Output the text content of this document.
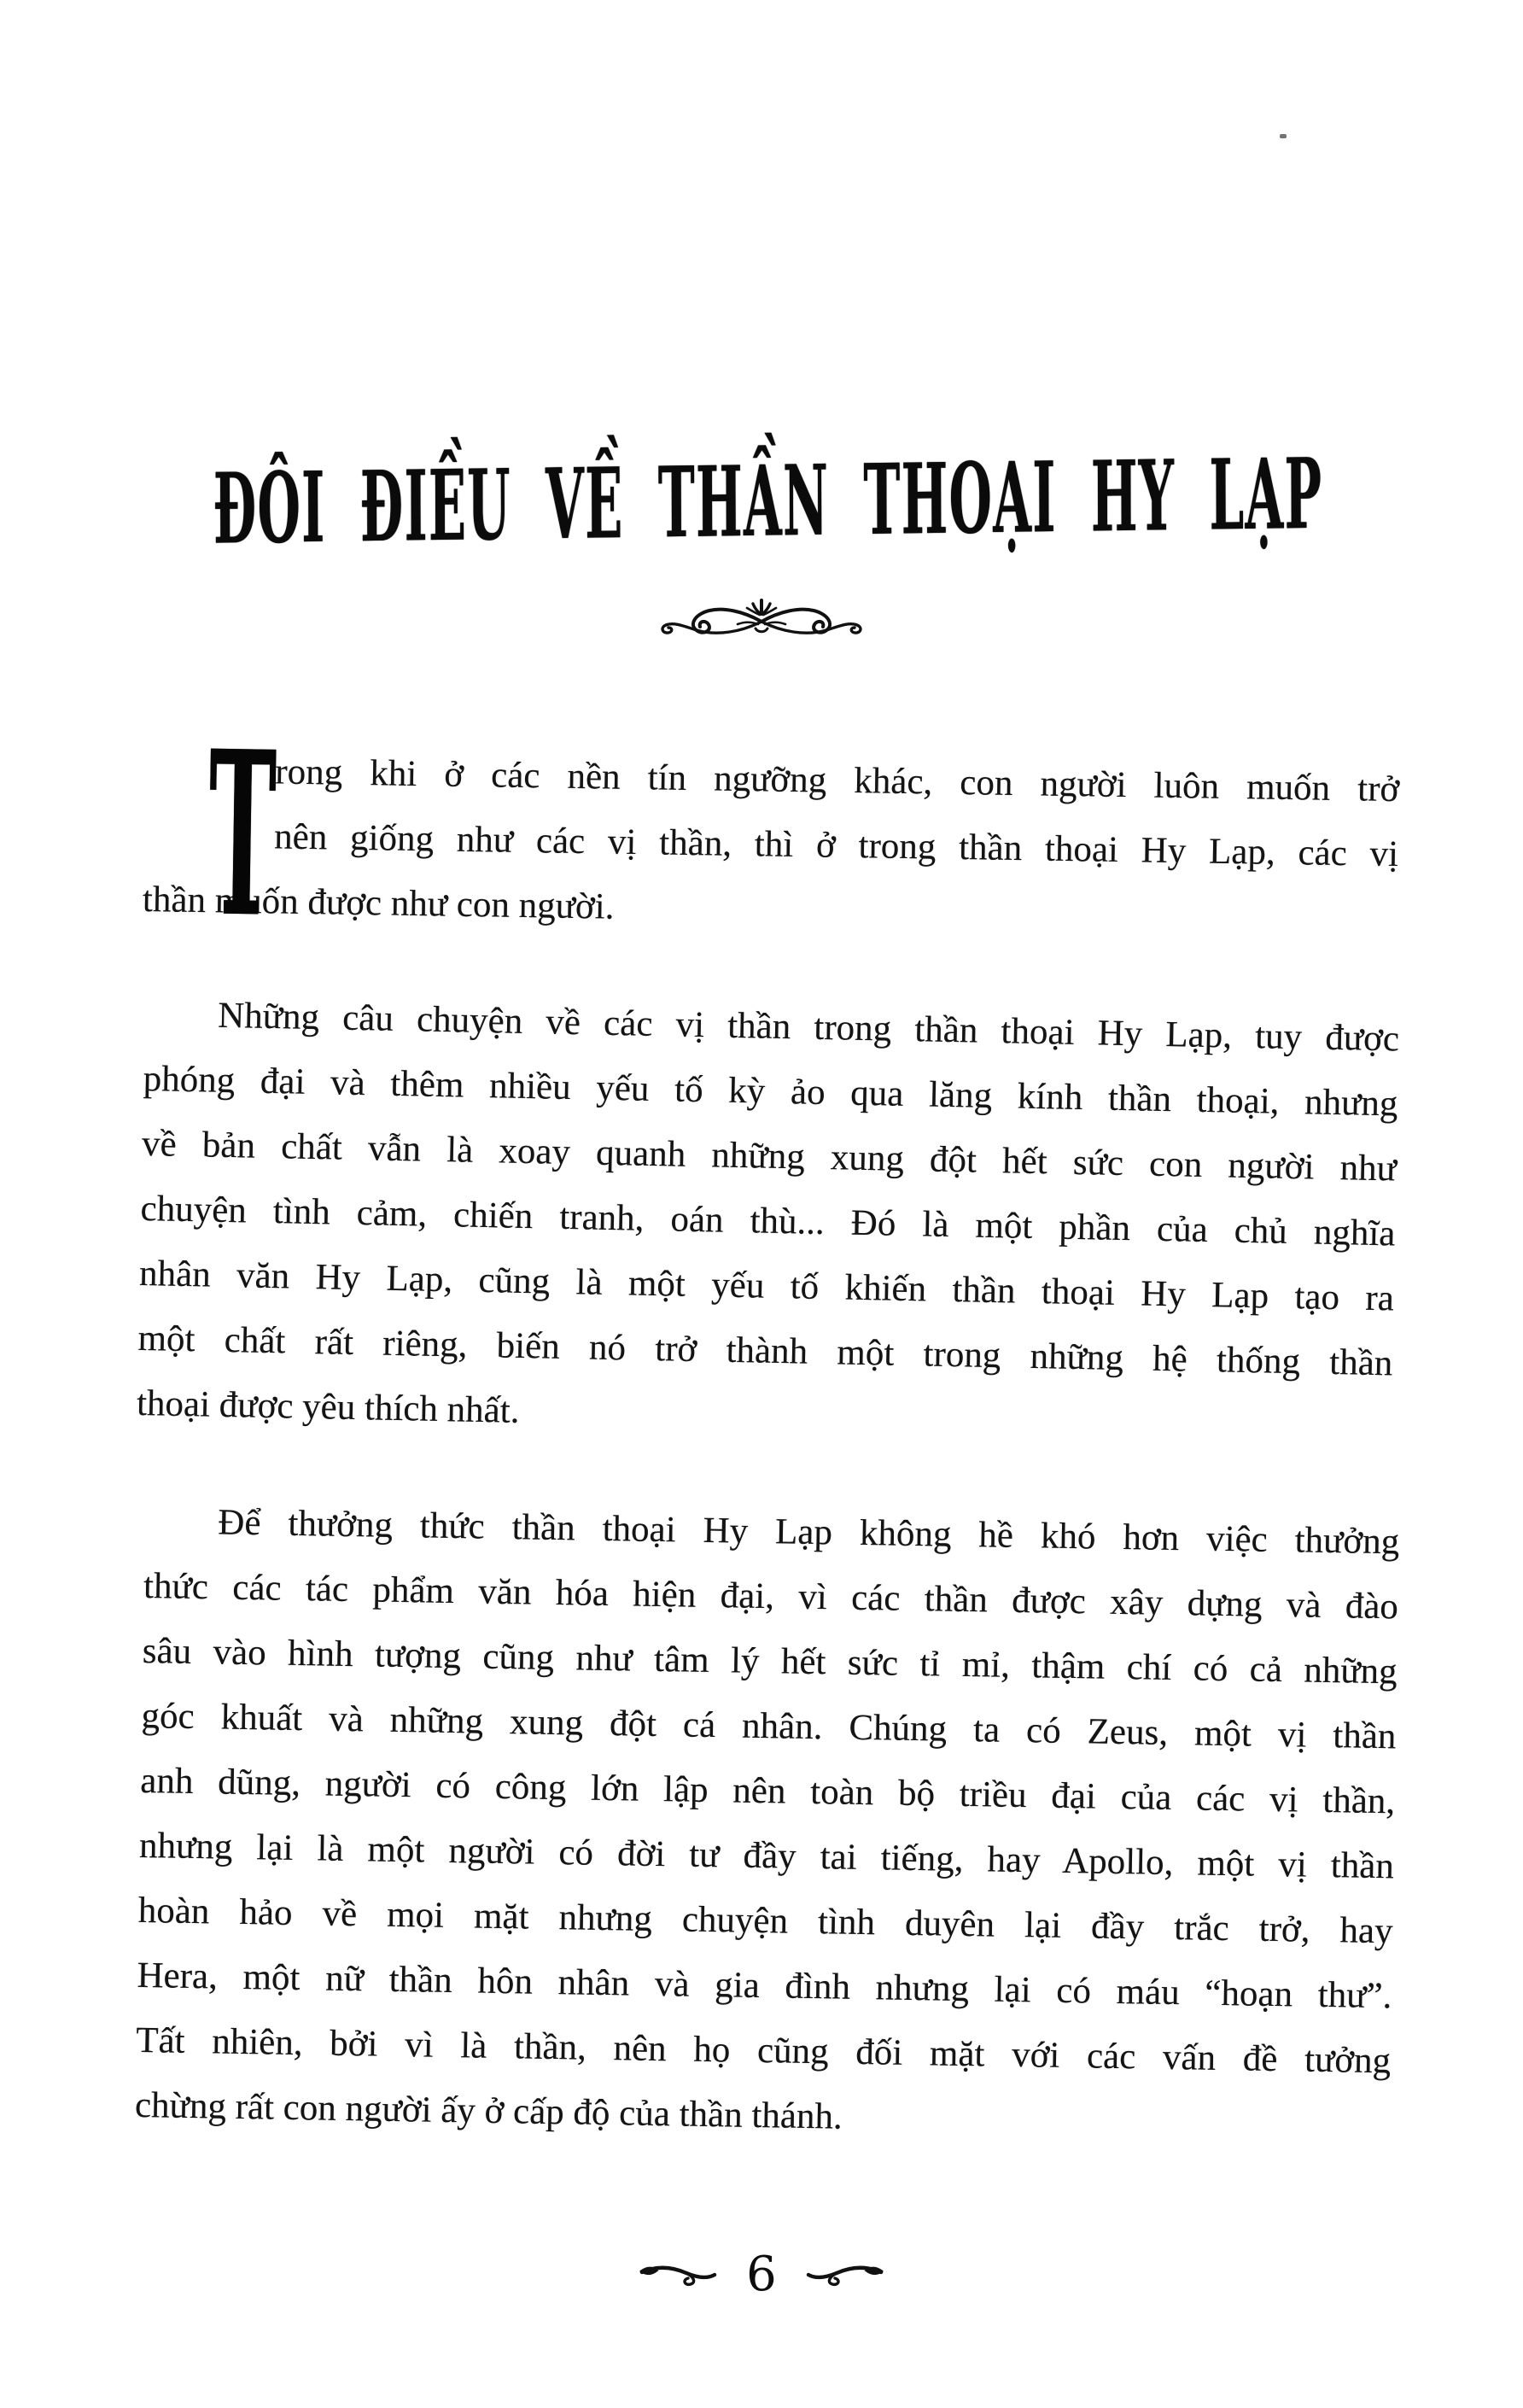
ĐÔI ĐIỀU VỀ THẦN THOẠI HY LẠP
T
rong khi ở các nền tín ngưỡng khác, con người luôn muốn trở
nên giống như các vị thần, thì ở trong thần thoại Hy Lạp, các vị
thần muốn được như con người.
Những câu chuyện về các vị thần trong thần thoại Hy Lạp, tuy được
phóng đại và thêm nhiều yếu tố kỳ ảo qua lăng kính thần thoại, nhưng
về bản chất vẫn là xoay quanh những xung đột hết sức con người như
chuyện tình cảm, chiến tranh, oán thù... Đó là một phần của chủ nghĩa
nhân văn Hy Lạp, cũng là một yếu tố khiến thần thoại Hy Lạp tạo ra
một chất rất riêng, biến nó trở thành một trong những hệ thống thần
thoại được yêu thích nhất.
Để thưởng thức thần thoại Hy Lạp không hề khó hơn việc thưởng
thức các tác phẩm văn hóa hiện đại, vì các thần được xây dựng và đào
sâu vào hình tượng cũng như tâm lý hết sức tỉ mỉ, thậm chí có cả những
góc khuất và những xung đột cá nhân. Chúng ta có Zeus, một vị thần
anh dũng, người có công lớn lập nên toàn bộ triều đại của các vị thần,
nhưng lại là một người có đời tư đầy tai tiếng, hay Apollo, một vị thần
hoàn hảo về mọi mặt nhưng chuyện tình duyên lại đầy trắc trở, hay
Hera, một nữ thần hôn nhân và gia đình nhưng lại có máu “hoạn thư”.
Tất nhiên, bởi vì là thần, nên họ cũng đối mặt với các vấn đề tưởng
chừng rất con người ấy ở cấp độ của thần thánh.
6
